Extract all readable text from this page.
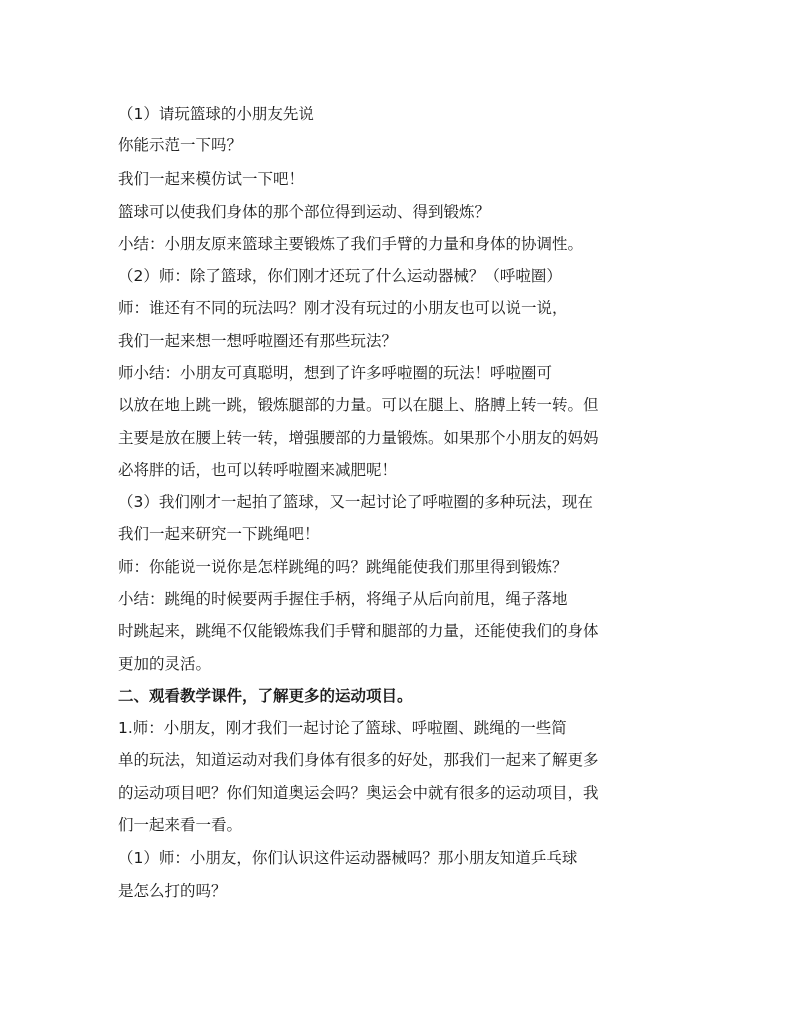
（1）请玩篮球的小朋友先说

你能示范一下吗？

我们一起来模仿试一下吧！

篮球可以使我们身体的那个部位得到运动、得到锻炼？

小结：小朋友原来篮球主要锻炼了我们手臂的力量和身体的协调性。

（2）师：除了篮球，你们刚才还玩了什么运动器械？（呼啦圈）

师：谁还有不同的玩法吗？刚才没有玩过的小朋友也可以说一说，

我们一起来想一想呼啦圈还有那些玩法？

师小结：小朋友可真聪明，想到了许多呼啦圈的玩法！呼啦圈可

以放在地上跳一跳，锻炼腿部的力量。可以在腿上、胳膊上转一转。但

主要是放在腰上转一转，增强腰部的力量锻炼。如果那个小朋友的妈妈

必将胖的话，也可以转呼啦圈来减肥呢！

（3）我们刚才一起拍了篮球，又一起讨论了呼啦圈的多种玩法，现在

我们一起来研究一下跳绳吧！

师：你能说一说你是怎样跳绳的吗？跳绳能使我们那里得到锻炼？

小结：跳绳的时候要两手握住手柄，将绳子从后向前甩，绳子落地

时跳起来，跳绳不仅能锻炼我们手臂和腿部的力量，还能使我们的身体

更加的灵活。

二、观看教学课件，了解更多的运动项目。

1.师：小朋友，刚才我们一起讨论了篮球、呼啦圈、跳绳的一些简

单的玩法，知道运动对我们身体有很多的好处，那我们一起来了解更多

的运动项目吧？你们知道奥运会吗？奥运会中就有很多的运动项目，我

们一起来看一看。

（1）师：小朋友，你们认识这件运动器械吗？那小朋友知道乒乓球

是怎么打的吗？
